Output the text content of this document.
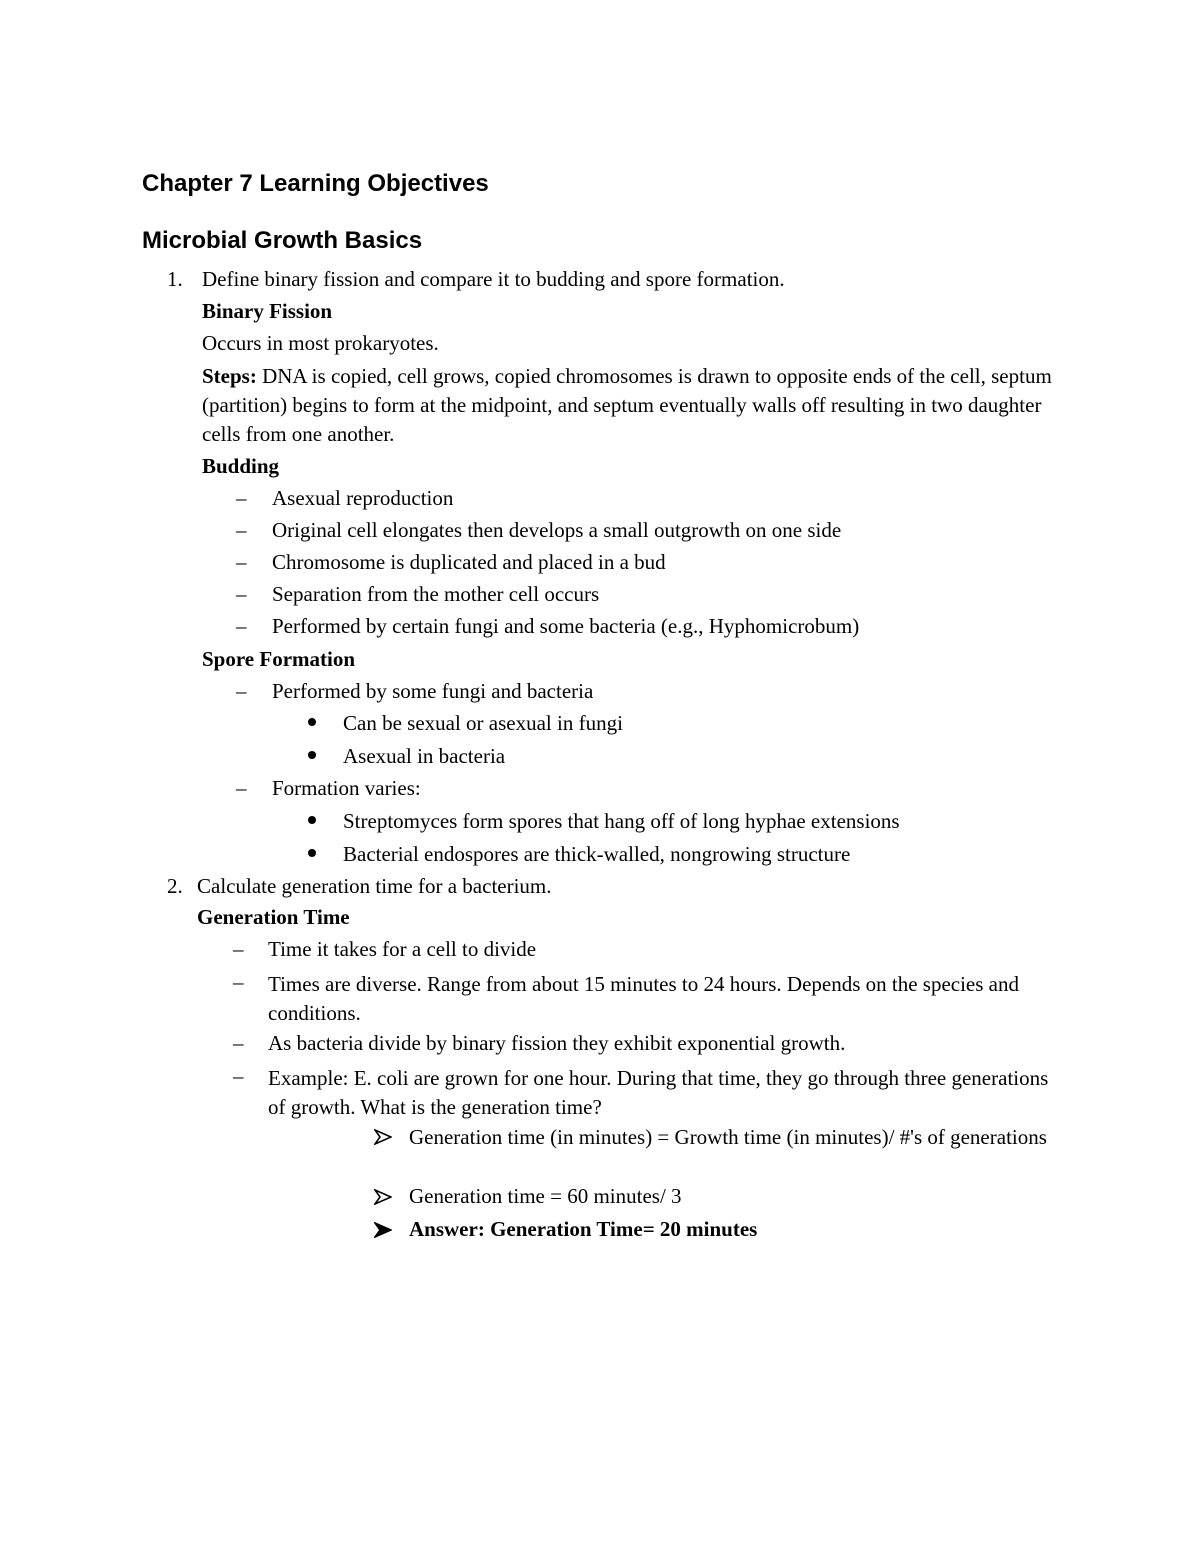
Chapter 7 Learning Objectives
Microbial Growth Basics
1. Define binary fission and compare it to budding and spore formation.
Binary Fission
Occurs in most prokaryotes.
Steps: DNA is copied, cell grows, copied chromosomes is drawn to opposite ends of the cell, septum (partition) begins to form at the midpoint, and septum eventually walls off resulting in two daughter cells from one another.
Budding
– Asexual reproduction
– Original cell elongates then develops a small outgrowth on one side
– Chromosome is duplicated and placed in a bud
– Separation from the mother cell occurs
– Performed by certain fungi and some bacteria (e.g., Hyphomicrobum)
Spore Formation
– Performed by some fungi and bacteria
Can be sexual or asexual in fungi
Asexual in bacteria
– Formation varies:
Streptomyces form spores that hang off of long hyphae extensions
Bacterial endospores are thick-walled, nongrowing structure
2. Calculate generation time for a bacterium.
Generation Time
– Time it takes for a cell to divide
– Times are diverse. Range from about 15 minutes to 24 hours. Depends on the species and conditions.
– As bacteria divide by binary fission they exhibit exponential growth.
– Example: E. coli are grown for one hour. During that time, they go through three generations of growth. What is the generation time?
Generation time (in minutes) = Growth time (in minutes)/ #'s of generations
Generation time = 60 minutes/ 3
Answer: Generation Time= 20 minutes
